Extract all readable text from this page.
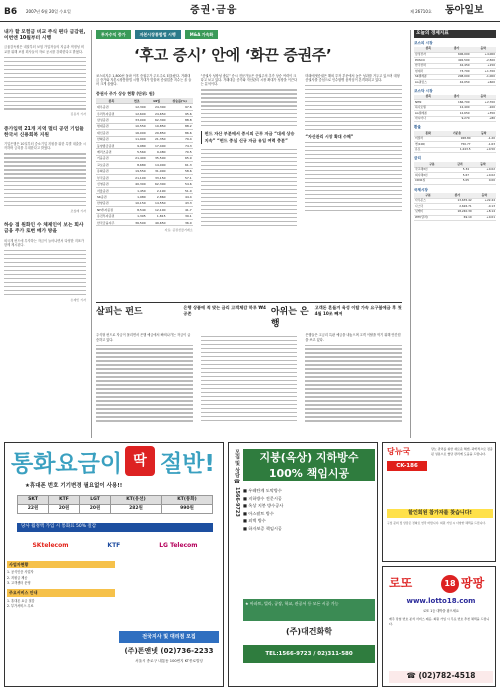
B6 2007년 6월 20일 수요일	증권·금융	제 26710호 동아일보
내가 할 모험금 비교 주식 편다 금감원, 이번엔 10월부터 시행

금융감독원은 내달부터 보험 가입자들의 지급과 적정성 비교를 위해 보험 회사들의 자료 공시를 강화한다고 밝혔다.

김용석 기자
증가입력 21개 지역 멀티 공연 기업들 한국서 신용회복 지원

기업은행은 10일부터 중소기업 지원을 위한 특별 대출을 시작하며 금리를 우대한다고 밝혔다.

조창래 기자
하송 접 원화인 수 체제인이 보는 회사 금융 주가 로변 메가 방을

외국계 펀드에 투자하는 자금이 늘어나면서 다양한 지표가 함께 제시된다.

손재인 기자
투자수익 증가	자본시장통합법 시행	M&A 가속화
‘후고 증시’ 안에 ‘화끈 증권주’

코스피지수 1,800선 돌파 이후 증권주가 주도주로 떠올랐다. 거래대금 증가와 자본시장통합법 시행 기대가 맞물려 증권업종 지수는 올 들어 크게 올랐다.

증권사 주가 상승 현황 (단위: 원)
종목	연초	19일	상승률(%)
대우증권	12,300	24,300	97.6
우리투자증권	12,600	24,650	95.6
삼성증권	33,000	62,300	88.8
현대증권	10,550	19,850	88.2
대신증권	16,000	29,850	86.6
한화증권	11,900	21,350	79.4
동양종금증권	9,980	17,400	74.3
메리츠증권	5,560	9,480	70.5
키움증권	21,400	35,500	65.9
교보증권	8,680	14,000	61.3
유화증권	19,550	31,000	58.6
부국증권	21,100	33,150	57.1
신영증권	40,300	62,300	54.6
서울증권	1,450	2,190	51.0
SK증권	1,980	2,860	44.4
한양증권	10,150	14,550	43.3
NH투자증권	8,540	12,100	41.7
유진투자증권	1,305	1,815	39.1
한국금융지주	36,500	49,650	36.0
자료: 증권선물거래소

“증권사 성장성 충분” 증시 전문가들은 증권주의 추가 상승 여력이 크다고 보고 있다. 거래대금 증가와 자산관리 시장 확대가 성장을 이끈다는 분석이다.

펀드 자산 부분에서 증시의 근무 자금 “대세 상승 지속” “펀드 중심 신규 자금 유입 여력 충분”

미래에셋증권은 해외 투자 부문에서 높은 성과를 거두고 있으며 대형 증권사를 중심으로 인수합병 움직임이 본격화되고 있다.

“자산관리 시장 확대 수혜”
살피는 펀드	은행 상품에 적 맞는 금리 고객체감 하루 ₩4 공존	아위는 은행
고객돈 흔들겨 육성 이탈 가속 요구불에금 후 첫 4월 10조 빼져

주식형 펀드로 자금이 몰리면서 은행 예금에서 빠져나가는 자금이 급증하고 있다.

은행들은 고금리 특판 예금을 내놓으며 고객 이탈을 막기 위해 안간힘을 쓰고 있다.

오늘의 경제지표
코스피 시장
종목	종가	등락
삼성전자	606,000	+4,000
POSCO	492,500	-2,500
한국전력	42,450	+150
현대차	73,700	+1,700
SK텔레콤	208,000	-1,000
LG필립스	42,050	+600
코스닥 시장
종목	종가	등락
NHN	166,700	+2,700
하나로텔	12,400	-100
LG텔레콤	12,650	+350
아시아나	9,270	+80
환율
통화	기준율	등락
미달러	928.80	-1.20
엔(100)	750.77	-1.63
유로	1,243.5	+0.50
금리
구분	금리	등락
국고채3년	5.34	+0.02
회사채3년	5.67	+0.02
CD91일	5.05	0.00
국제시장
구분	종가	등락
다우존스	13,635.42	+22.44
나스닥	2,626.71	-0.13
닛케이	18,240.30	+8.14
WTI(달러)	69.10	+0.01
통화요금이 딱 절반!
★휴대폰 번호 기기변경 필요없이 사용!!
SKT	KTF	LGT	KT(유선)	KT(통화)
22원	20원	20원	282원	990원
당사 월정액 가입 시 통화료 50% 절감
SKtelecom	KTF	LG Telecom
사업자현황

1. 공식인증 사업자

2. 지원금 제공

3. 고객센터 운영

주요서비스 안내

1. 휴대폰 요금 절감

2. 부가서비스 무료

전국지사 및 대리점 모집
(주)폰앤넷 (02)736-2233
서울시 종로구 내통동 100번지 KT종로빌딩
모집 및 상담 ☎ 1566-9723	지붕(옥상) 지하방수 100% 책임시공
■ 우레탄계 도막방수
■ 지하방수 전문시공
■ 옥상 지붕 방수공사
■ 아스팔트 방수
■ 외벽 방수
■ 하자보증 책임시공
★ 아파트, 빌라, 공장, 학교, 관공서 등 모든 시공 가능
(주)대건화학
TEL:1566-9723 / 02)311-580
당뉴국
CK-186
당뇨 관리를 위한 새로운 해법, 과학적으로 검증된 성분으로 혈당 관리에 도움을 드립니다.
할인회원 참가자를 찾습니다!
구입 문의 및 상담은 전화로 연락 바랍니다. 회원 가입 시 다양한 혜택을 드립니다.
로또	18 팡팡
www.lotto18.com
로또 1등 대박을 잡으세요
매주 당첨 번호 분석 서비스 제공, 회원 가입 시 무료 번호 추천 혜택을 드립니다.
☎ (02)782-4518
